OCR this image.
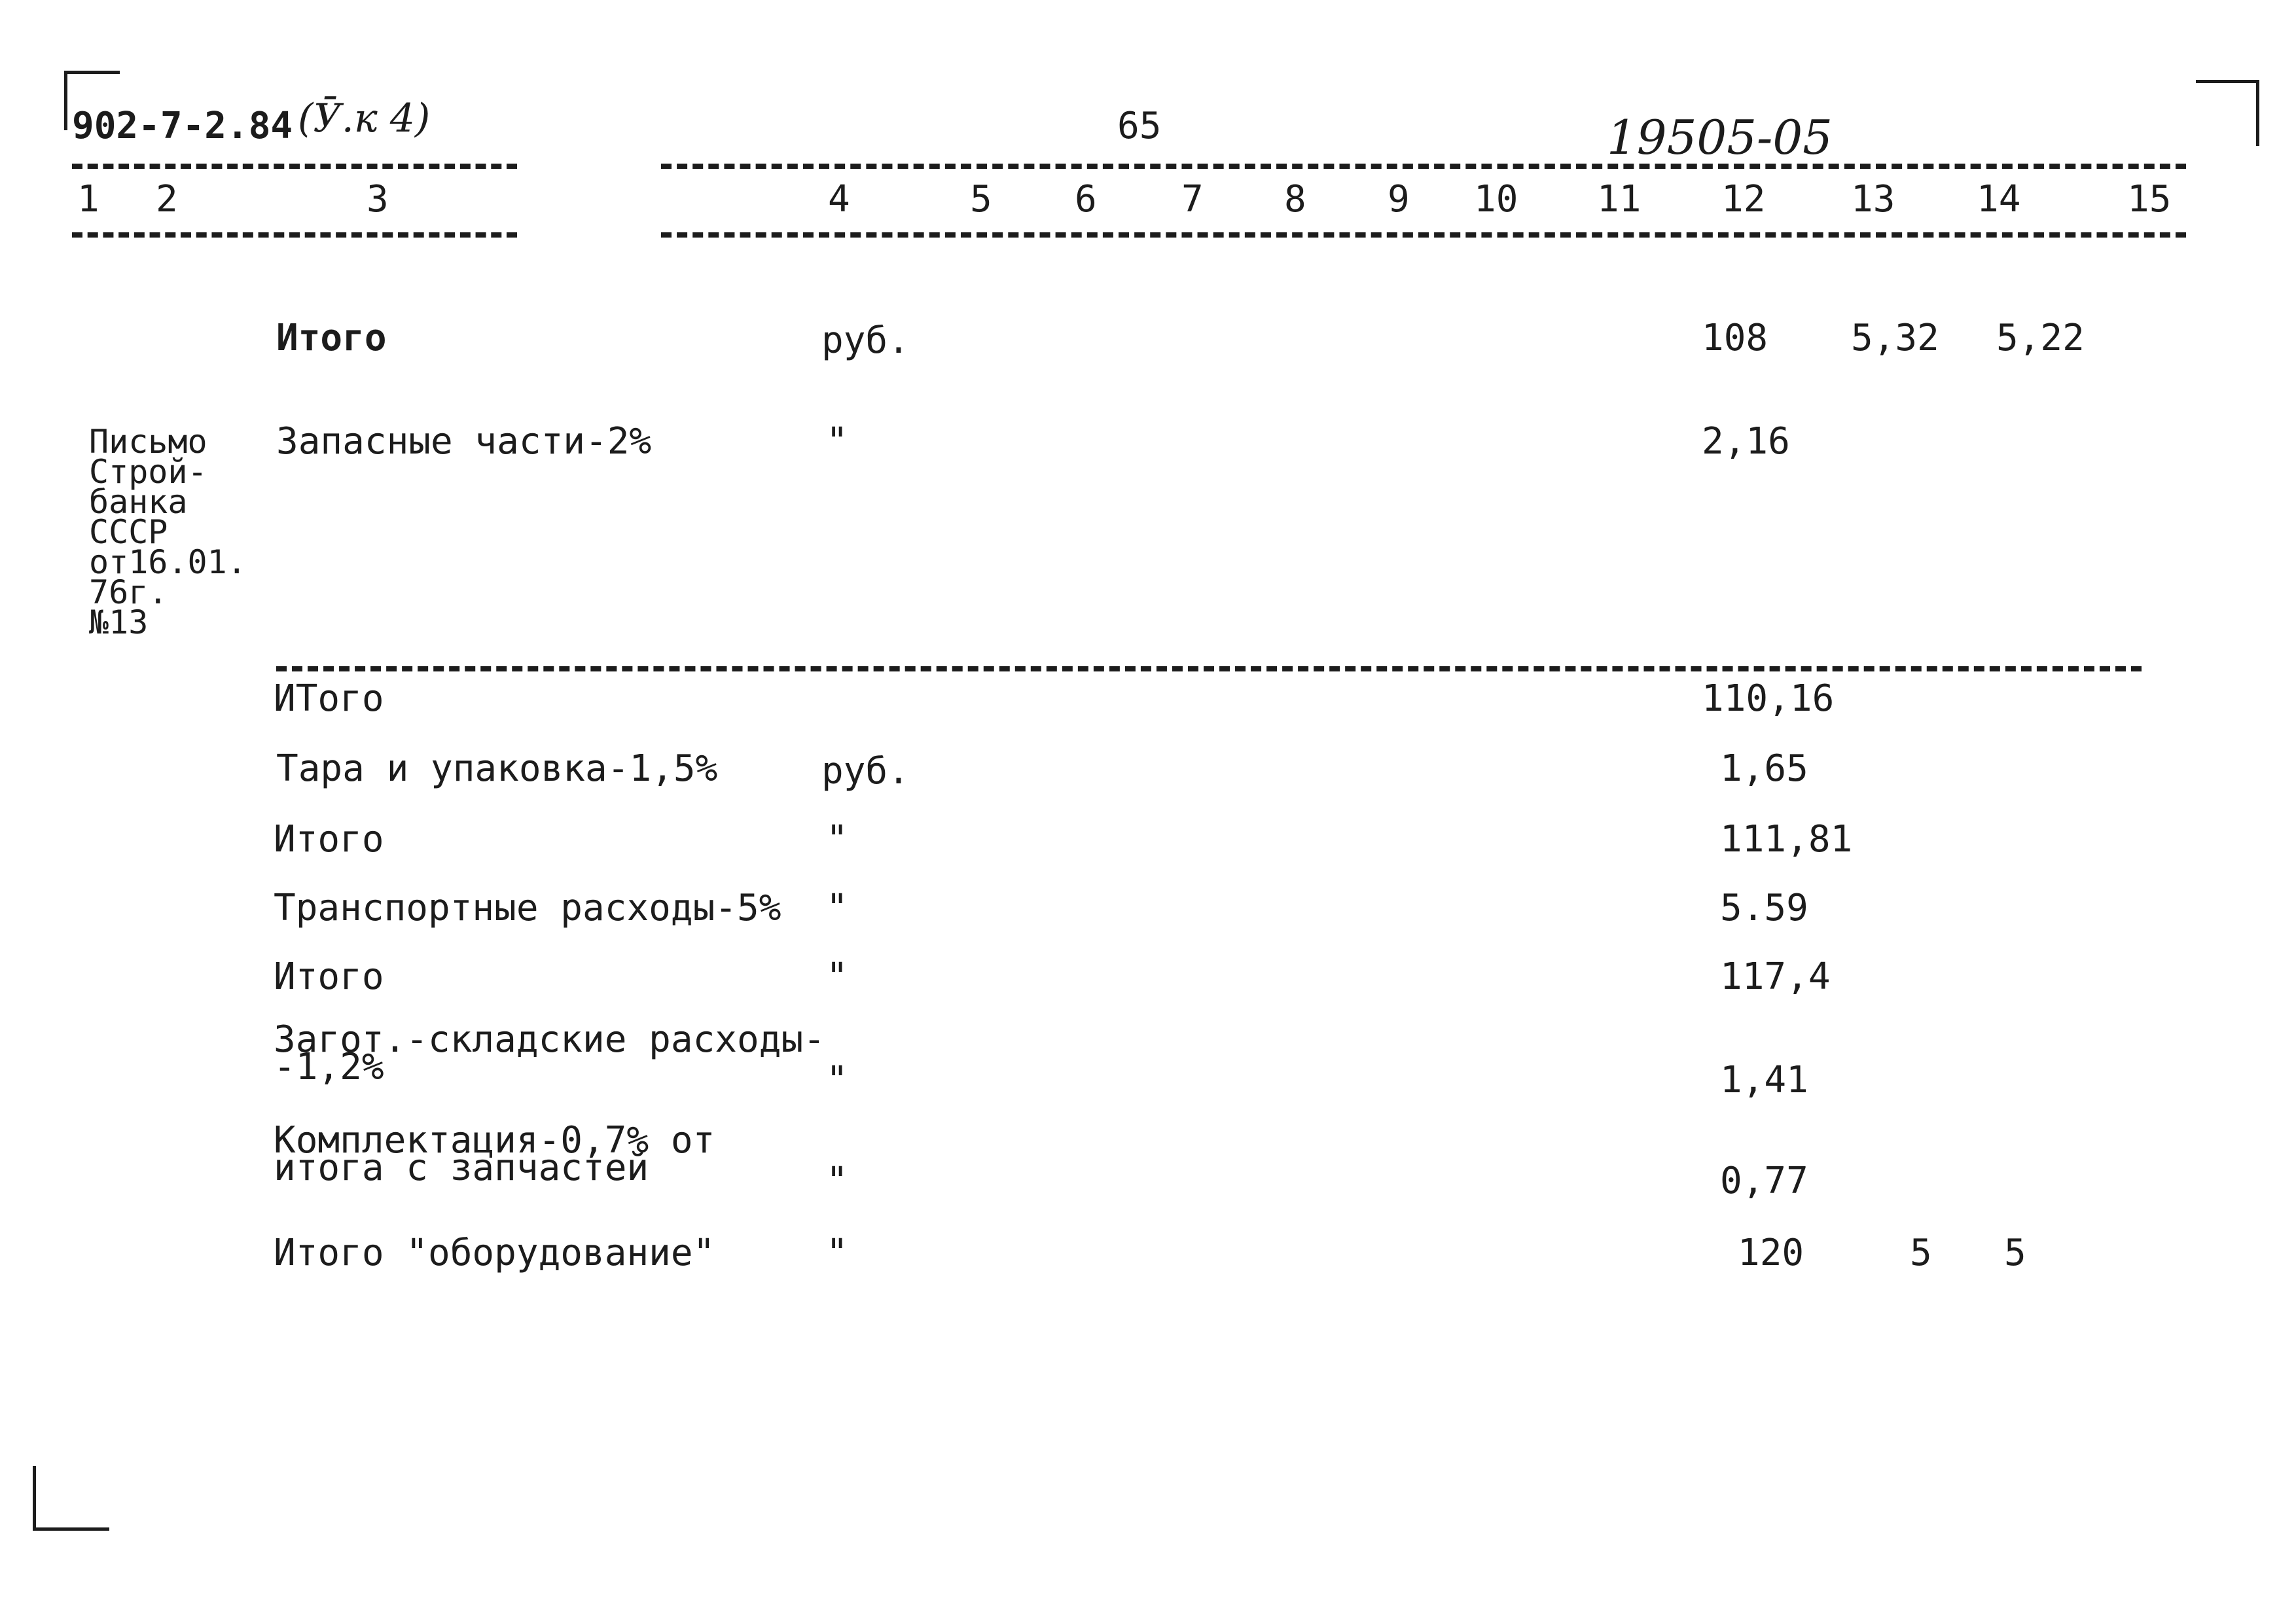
902-7-2.84 (Ӯ.к 4)	65	19505-05
1 2	3	4	5 6 7 8 9 10 11 12 13 14	15
Письмо
Строй-
банка
СССР
от16.01.
76г.
№13
Итого	руб.	108 5,32 5,22
Запасные части-2%	"	2,16
ИТого	110,16
Тара и упаковка-1,5%	руб.	1,65
Итого	"	111,81
Транспортные расходы-5% "	5.59
Итого	"	117,4
Загот.-складские расходы-
-1,2%	"	1,41
Комплектация-0,7% от
итога с запчастей	"	0,77
Итого "оборудование"	"	120	5 5
